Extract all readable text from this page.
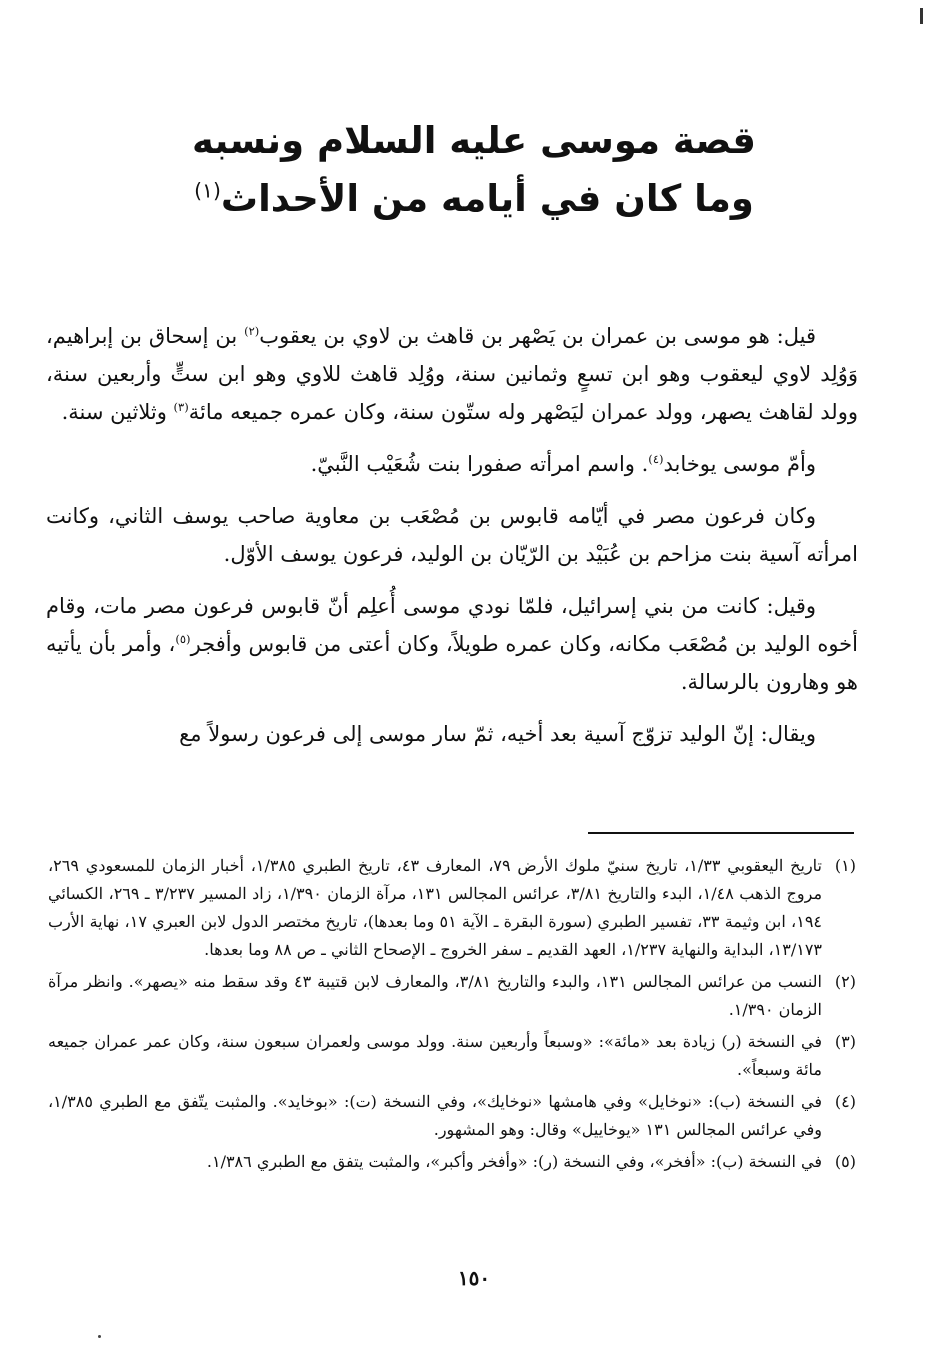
قصة موسى عليه السلام ونسبه
وما كان في أيامه من الأحداث$^{(١)}$

قيل: هو موسى بن عمران بن يَصْهر بن قاهث بن لاوي بن يعقوب$^{(٢)}$ بن إسحاق بن إبراهيم، وَوُلِد لاوي ليعقوب وهو ابن تسعٍ وثمانين سنة، ووُلِد قاهث للاوي وهو ابن ستٍّ وأربعين سنة، وولد لقاهث يصهر، وولد عمران ليَصْهر وله ستّون سنة، وكان عمره جميعه مائة$^{(٣)}$ وثلاثين سنة.

وأمّ موسى يوخابد$^{(٤)}$. واسم امرأته صفورا بنت شُعَيْب النَّبيّ.

وكان فرعون مصر في أيّامه قابوس بن مُصْعَب بن معاوية صاحب يوسف الثاني، وكانت امرأته آسية بنت مزاحم بن عُبَيْد بن الرّيّان بن الوليد، فرعون يوسف الأوّل.

وقيل: كانت من بني إسرائيل، فلمّا نودي موسى أُعلِم أنّ قابوس فرعون مصر مات، وقام أخوه الوليد بن مُصْعَب مكانه، وكان عمره طويلاً، وكان أعتى من قابوس وأفجر$^{(٥)}$، وأمر بأن يأتيه هو وهارون بالرسالة.

ويقال: إنّ الوليد تزوّج آسية بعد أخيه، ثمّ سار موسى إلى فرعون رسولاً مع

(١)
تاريخ اليعقوبي ١/٣٣، تاريخ سنيّ ملوك الأرض ٧٩، المعارف ٤٣، تاريخ الطبري ١/٣٨٥، أخبار الزمان للمسعودي ٢٦٩، مروج الذهب ١/٤٨، البدء والتاريخ ٣/٨١، عرائس المجالس ١٣١، مرآة الزمان ١/٣٩٠، زاد المسير ٣/٢٣٧ ـ ٢٦٩، الكسائي ١٩٤، ابن وثيمة ٣٣، تفسير الطبري (سورة البقرة ـ الآية ٥١ وما بعدها)، تاريخ مختصر الدول لابن العبري ١٧، نهاية الأرب ١٣/١٧٣، البداية والنهاية ١/٢٣٧، العهد القديم ـ سفر الخروج ـ الإصحاح الثاني ـ ص ٨٨ وما بعدها.
(٢)
النسب من عرائس المجالس ١٣١، والبدء والتاريخ ٣/٨١، والمعارف لابن قتيبة ٤٣ وقد سقط منه «يصهر». وانظر مرآة الزمان ١/٣٩٠.
(٣)
في النسخة (ر) زيادة بعد «مائة»: «وسبعاً وأربعين سنة. وولد موسى ولعمران سبعون سنة، وكان عمر عمران جميعه مائة وسبعاً».
(٤)
في النسخة (ب): «نوخايل» وفي هامشها «نوخايك»، وفي النسخة (ت): «بوخايد». والمثبت يتّفق مع الطبري ١/٣٨٥، وفي عرائس المجالس ١٣١ «يوخاييل» وقال: وهو المشهور.
(٥)
في النسخة (ب): «أفخر»، وفي النسخة (ر): «وأفخر وأكبر»، والمثبت يتفق مع الطبري ١/٣٨٦.
١٥٠
